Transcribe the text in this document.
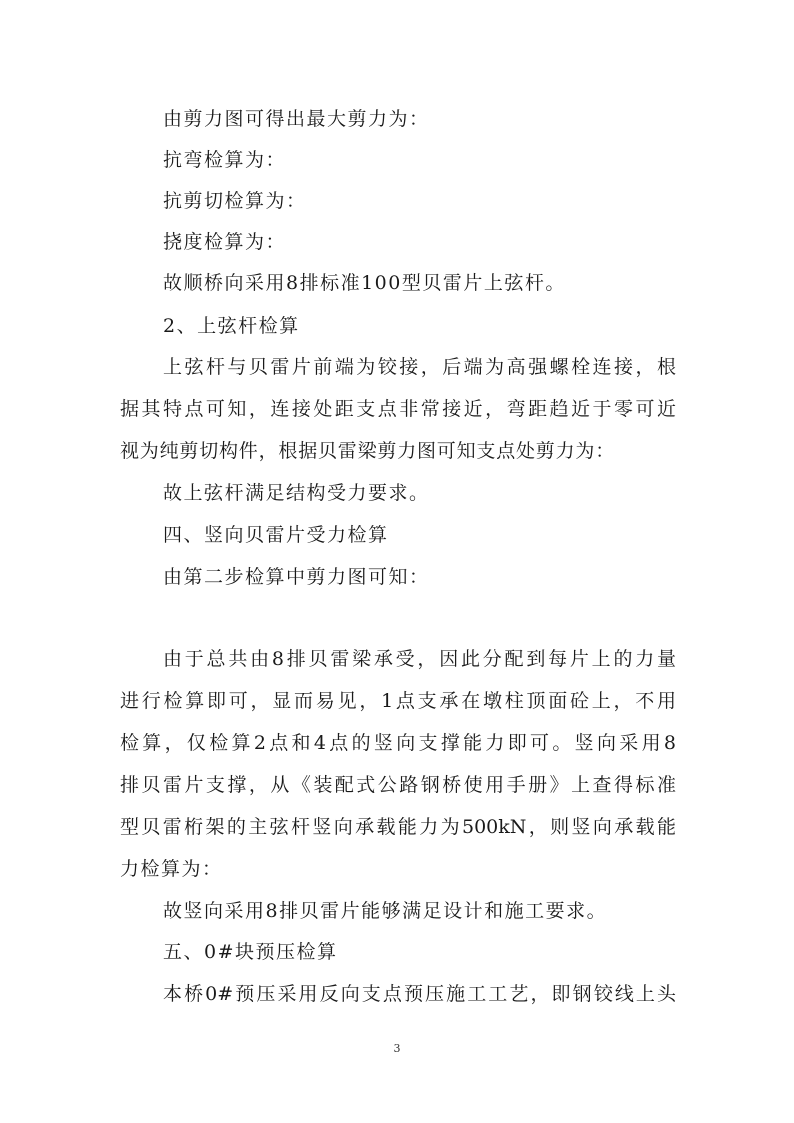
由剪力图可得出最大剪力为：
抗弯检算为：
抗剪切检算为：
挠度检算为：
故顺桥向采用8排标准100型贝雷片上弦杆。
2、上弦杆检算
上弦杆与贝雷片前端为铰接，后端为高强螺栓连接，根
据其特点可知，连接处距支点非常接近，弯距趋近于零可近
视为纯剪切构件，根据贝雷梁剪力图可知支点处剪力为：
故上弦杆满足结构受力要求。
四、竖向贝雷片受力检算
由第二步检算中剪力图可知：
由于总共由8排贝雷梁承受，因此分配到每片上的力量
进行检算即可，显而易见，1点支承在墩柱顶面砼上，不用
检算，仅检算2点和4点的竖向支撑能力即可。竖向采用8
排贝雷片支撑，从《装配式公路钢桥使用手册》上查得标准
型贝雷桁架的主弦杆竖向承载能力为500kN，则竖向承载能
力检算为：
故竖向采用8排贝雷片能够满足设计和施工要求。
五、0#块预压检算
本桥0#预压采用反向支点预压施工工艺，即钢铰线上头
3
